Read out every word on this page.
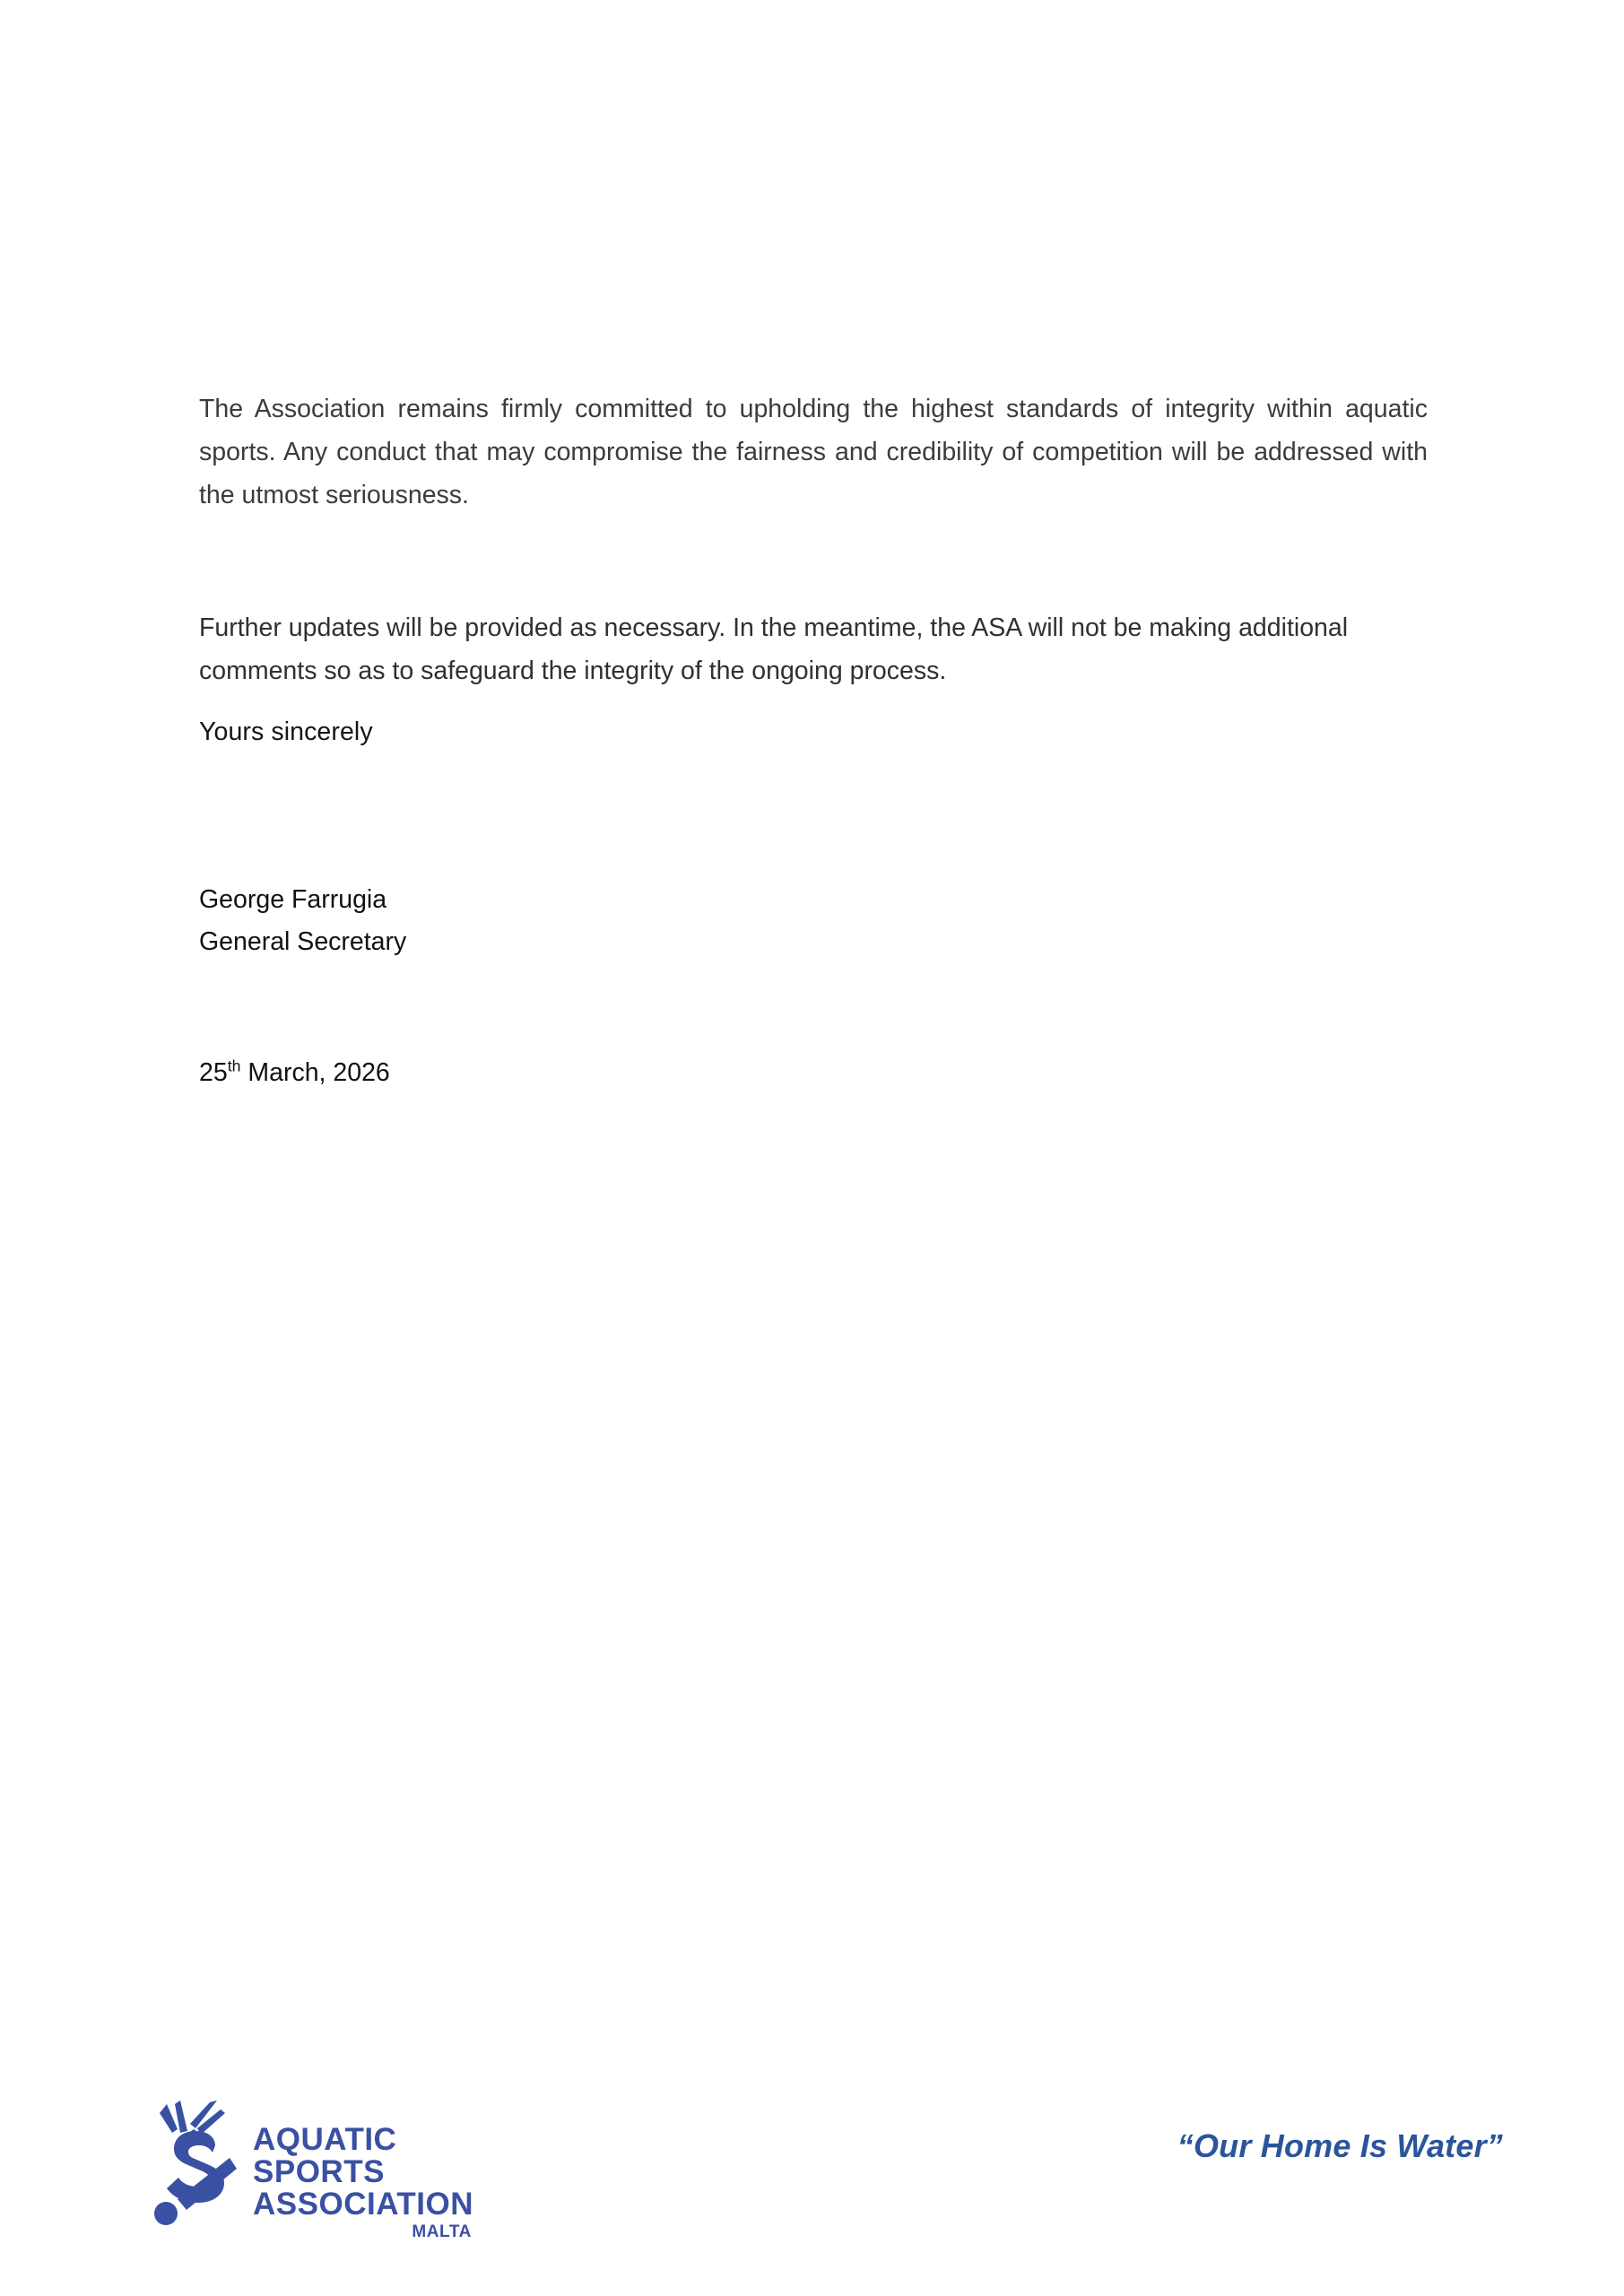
The Association remains firmly committed to upholding the highest standards of integrity within aquatic sports. Any conduct that may compromise the fairness and credibility of competition will be addressed with the utmost seriousness.

Further updates will be provided as necessary. In the meantime, the ASA will not be making additional comments so as to safeguard the integrity of the ongoing process.

Yours sincerely

George Farrugia
General Secretary

25th March, 2026

AQUATIC
SPORTS
ASSOCIATION
MALTA
“Our Home Is Water”
